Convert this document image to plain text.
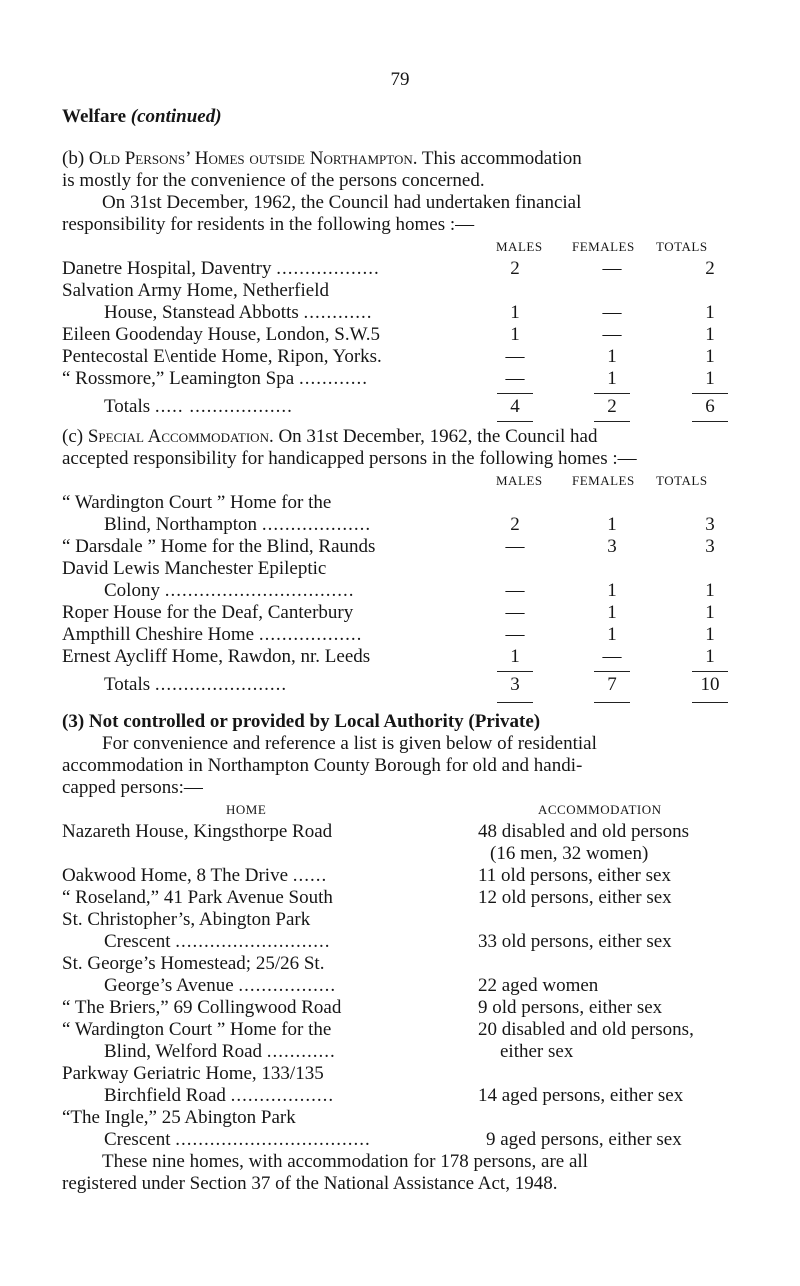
79
Welfare (continued)
(b) Old Persons’ Homes outside Northampton. This accommodation
is mostly for the convenience of the persons concerned.
On 31st December, 1962, the Council had undertaken financial
responsibility for residents in the following homes :—
MALES FEMALES TOTALS
Danetre Hospital, Daventry ..................	2	—	2
Salvation Army Home, Netherfield
House, Stanstead Abbotts ............	1	—	1
Eileen Goodenday House, London, S.W.5	1	—	1
Pentecostal E\entide Home, Ripon, Yorks.	—	1	1
“ Rossmore,” Leamington Spa ............	—	1	1
Totals ..... ..................	4	2	6
(c) Special Accommodation. On 31st December, 1962, the Council had
accepted responsibility for handicapped persons in the following homes :—
MALES FEMALES TOTALS
“ Wardington Court ” Home for the
Blind, Northampton ...................	2	1	3
“ Darsdale ” Home for the Blind, Raunds	—	3	3
David Lewis Manchester Epileptic
Colony .................................	—	1	1
Roper House for the Deaf, Canterbury	—	1	1
Ampthill Cheshire Home ..................	—	1	1
Ernest Aycliff Home, Rawdon, nr. Leeds	1	—	1
Totals .......................	3	7	10
(3) Not controlled or provided by Local Authority (Private)
For convenience and reference a list is given below of residential
accommodation in Northampton County Borough for old and handi-
capped persons:—
HOME	ACCOMMODATION
Nazareth House, Kingsthorpe Road	48 disabled and old persons
(16 men, 32 women)
Oakwood Home, 8 The Drive ......	11 old persons, either sex
“ Roseland,” 41 Park Avenue South	12 old persons, either sex
St. Christopher’s, Abington Park
Crescent ...........................	33 old persons, either sex
St. George’s Homestead; 25/26 St.
George’s Avenue .................	22 aged women
“ The Briers,” 69 Collingwood Road	9 old persons, either sex
“ Wardington Court ” Home for the	20 disabled and old persons,
Blind, Welford Road ............	either sex
Parkway Geriatric Home, 133/135
Birchfield Road ..................	14 aged persons, either sex
“The Ingle,” 25 Abington Park
Crescent ..................................	9 aged persons, either sex
These nine homes, with accommodation for 178 persons, are all
registered under Section 37 of the National Assistance Act, 1948.
